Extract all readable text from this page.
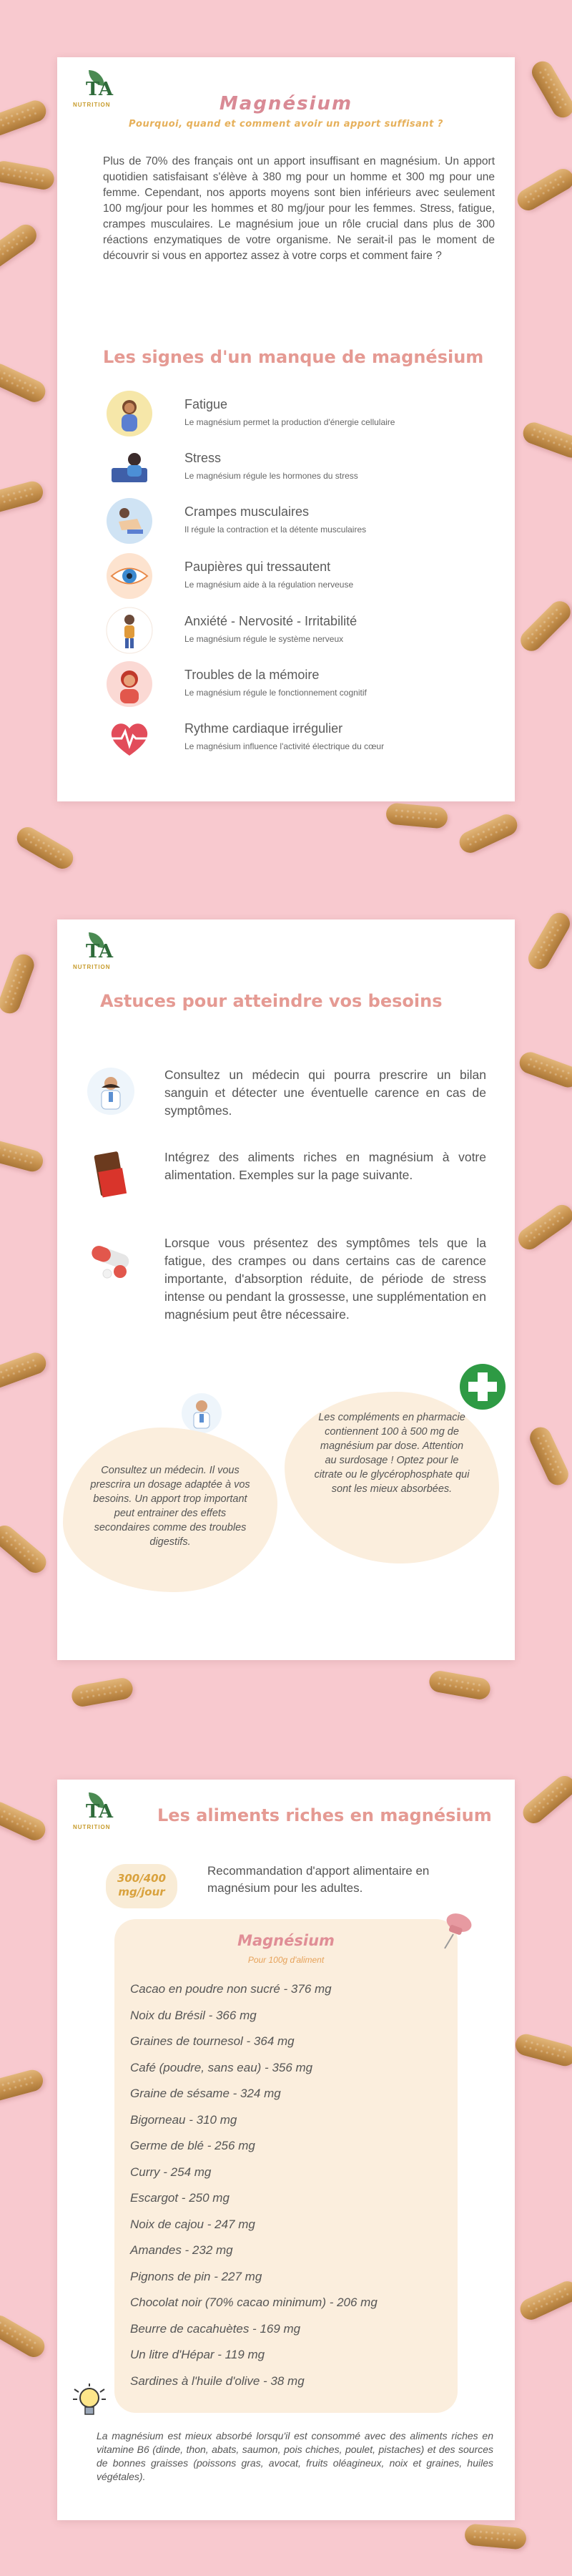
TA
NUTRITION	Magnésium
Pourquoi, quand et comment avoir un apport suffisant ?

Plus de 70% des français ont un apport insuffisant en magnésium. Un apport quotidien satisfaisant s'élève à 380 mg pour un homme et 300 mg pour une femme. Cependant, nos apports moyens sont bien inférieurs avec seulement 100 mg/jour pour les hommes et 80 mg/jour pour les femmes. Stress, fatigue, crampes musculaires. Le magnésium joue un rôle crucial dans plus de 300 réactions enzymatiques de votre organisme. Ne serait-il pas le moment de découvrir si vous en apportez assez à votre corps et comment faire ?

Les signes d'un manque de magnésium
Fatigue
Le magnésium permet la production d'énergie cellulaire
Stress
Le magnésium régule les hormones du stress
Crampes musculaires
Il régule la contraction et la détente musculaires
Paupières qui tressautent
Le magnésium aide à la régulation nerveuse
Anxiété - Nervosité - Irritabilité
Le magnésium régule le système nerveux
Troubles de la mémoire
Le magnésium régule le fonctionnement cognitif
Rythme cardiaque irrégulier
Le magnésium influence l'activité électrique du cœur
TA
NUTRITION
Astuces pour atteindre vos besoins
Consultez un médecin qui pourra prescrire un bilan sanguin et détecter une éventuelle carence en cas de symptômes.
Intégrez des aliments riches en magnésium à votre alimentation. Exemples sur la page suivante.
Lorsque vous présentez des symptômes tels que la fatigue, des crampes ou dans certains cas de carence importante, d'absorption réduite, de période de stress intense ou pendant la grossesse, une supplémentation en magnésium peut être nécessaire.
Consultez un médecin. Il vous prescrira un dosage adaptée à vos besoins. Un apport trop important peut entrainer des effets secondaires comme des troubles digestifs.
Les compléments en pharmacie contiennent 100 à 500 mg de magnésium par dose. Attention au surdosage ! Optez pour le citrate ou le glycérophosphate qui sont les mieux absorbées.
TA
NUTRITION
Les aliments riches en magnésium
300/400 mg/jour

Recommandation d'apport alimentaire en magnésium pour les adultes.

Magnésium
Pour 100g d'aliment
Cacao en poudre non sucré - 376 mg
Noix du Brésil - 366 mg
Graines de tournesol - 364 mg
Café (poudre, sans eau) - 356 mg
Graine de sésame - 324 mg
Bigorneau - 310 mg
Germe de blé - 256 mg
Curry - 254 mg
Escargot - 250 mg
Noix de cajou - 247 mg
Amandes - 232 mg
Pignons de pin - 227 mg
Chocolat noir (70% cacao minimum) - 206 mg
Beurre de cacahuètes - 169 mg
Un litre d'Hépar - 119 mg
Sardines à l'huile d'olive - 38 mg

La magnésium est mieux absorbé lorsqu'il est consommé avec des aliments riches en vitamine B6 (dinde, thon, abats, saumon, pois chiches, poulet, pistaches) et des sources de bonnes graisses (poissons gras, avocat, fruits oléagineux, noix et graines, huiles végétales).
